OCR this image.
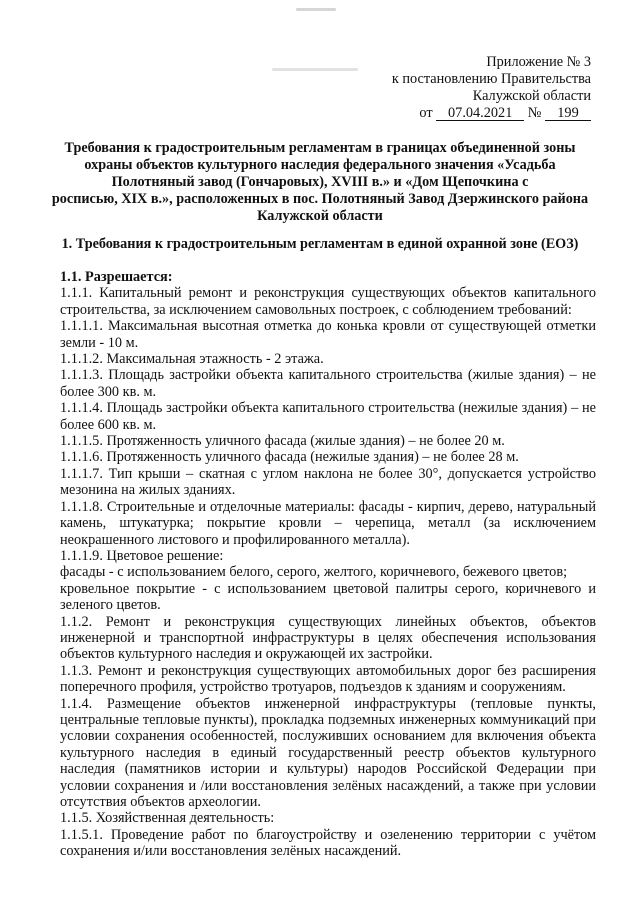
Приложение № 3
к постановлению Правительства
Калужской области
от 07.04.2021 № 199
Требования к градостроительным регламентам в границах объединенной зоны
охраны объектов культурного наследия федерального значения «Усадьба
Полотняный завод (Гончаровых), XVIII в.» и «Дом Щепочкина с
росписью, XIX в.», расположенных в пос. Полотняный Завод Дзержинского района
Калужской области
1. Требования к градостроительным регламентам в единой охранной зоне (ЕОЗ)

1.1. Разрешается:

1.1.1. Капитальный ремонт и реконструкция существующих объектов капитального строительства, за исключением самовольных построек, с соблюдением требований:

1.1.1.1. Максимальная высотная отметка до конька кровли от существующей отметки земли - 10 м.

1.1.1.2. Максимальная этажность - 2 этажа.

1.1.1.3. Площадь застройки объекта капитального строительства (жилые здания) – не более 300 кв. м.

1.1.1.4. Площадь застройки объекта капитального строительства (нежилые здания) – не более 600 кв. м.

1.1.1.5. Протяженность уличного фасада (жилые здания) – не более 20 м.

1.1.1.6. Протяженность уличного фасада (нежилые здания) – не более 28 м.

1.1.1.7. Тип крыши – скатная с углом наклона не более 30°, допускается устройство мезонина на жилых зданиях.

1.1.1.8. Строительные и отделочные материалы: фасады - кирпич, дерево, натуральный камень, штукатурка; покрытие кровли – черепица, металл (за исключением неокрашенного листового и профилированного металла).

1.1.1.9. Цветовое решение:

фасады - с использованием белого, серого, желтого, коричневого, бежевого цветов;

кровельное покрытие - с использованием цветовой палитры серого, коричневого и зеленого цветов.

1.1.2. Ремонт и реконструкция существующих линейных объектов, объектов инженерной и транспортной инфраструктуры в целях обеспечения использования объектов культурного наследия и окружающей их застройки.

1.1.3. Ремонт и реконструкция существующих автомобильных дорог без расширения поперечного профиля, устройство тротуаров, подъездов к зданиям и сооружениям.

1.1.4. Размещение объектов инженерной инфраструктуры (тепловые пункты, центральные тепловые пункты), прокладка подземных инженерных коммуникаций при условии сохранения особенностей, послуживших основанием для включения объекта культурного наследия в единый государственный реестр объектов культурного наследия (памятников истории и культуры) народов Российской Федерации при условии сохранения и /или восстановления зелёных насаждений, а также при условии отсутствия объектов археологии.

1.1.5. Хозяйственная деятельность:

1.1.5.1. Проведение работ по благоустройству и озеленению территории с учётом сохранения и/или восстановления зелёных насаждений.
